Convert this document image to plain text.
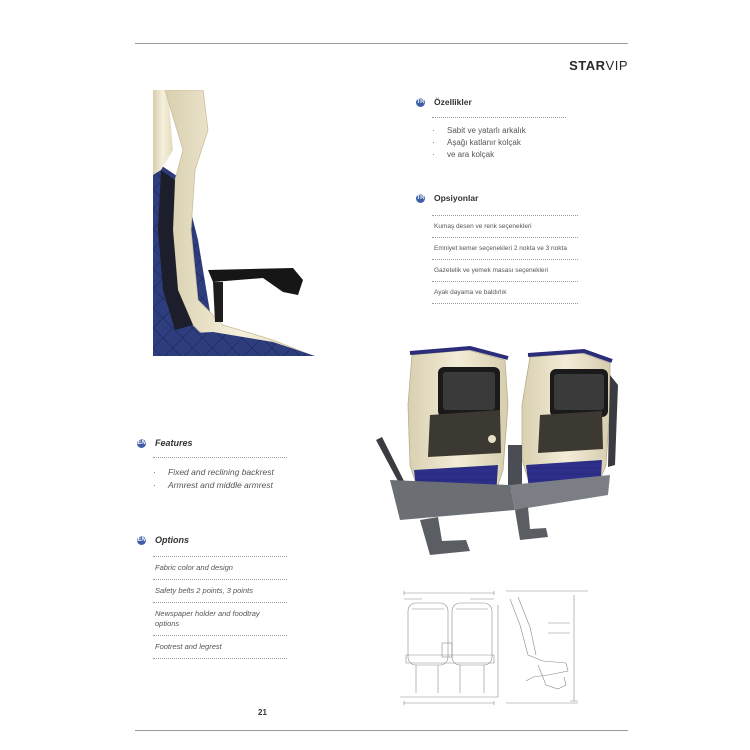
STARVIP
TR Özellikler
· Sabit ve yatarlı arkalık
· Aşağı katlanır kolçak
· ve ara kolçak
TR Opsiyonlar
Kumaş desen ve renk seçenekleri
Emniyet kemer seçenekleri 2 nokta ve 3 nokta
Gazetelik ve yemek masası seçenekleri
Ayak dayama ve baldırlık
EN Features
· Fixed and reclining backrest
· Armrest and middle armrest
EN Options
Fabric color and design
Safety belts 2 points, 3 points
Newspaper holder and foodtray options
Footrest and legrest
21
